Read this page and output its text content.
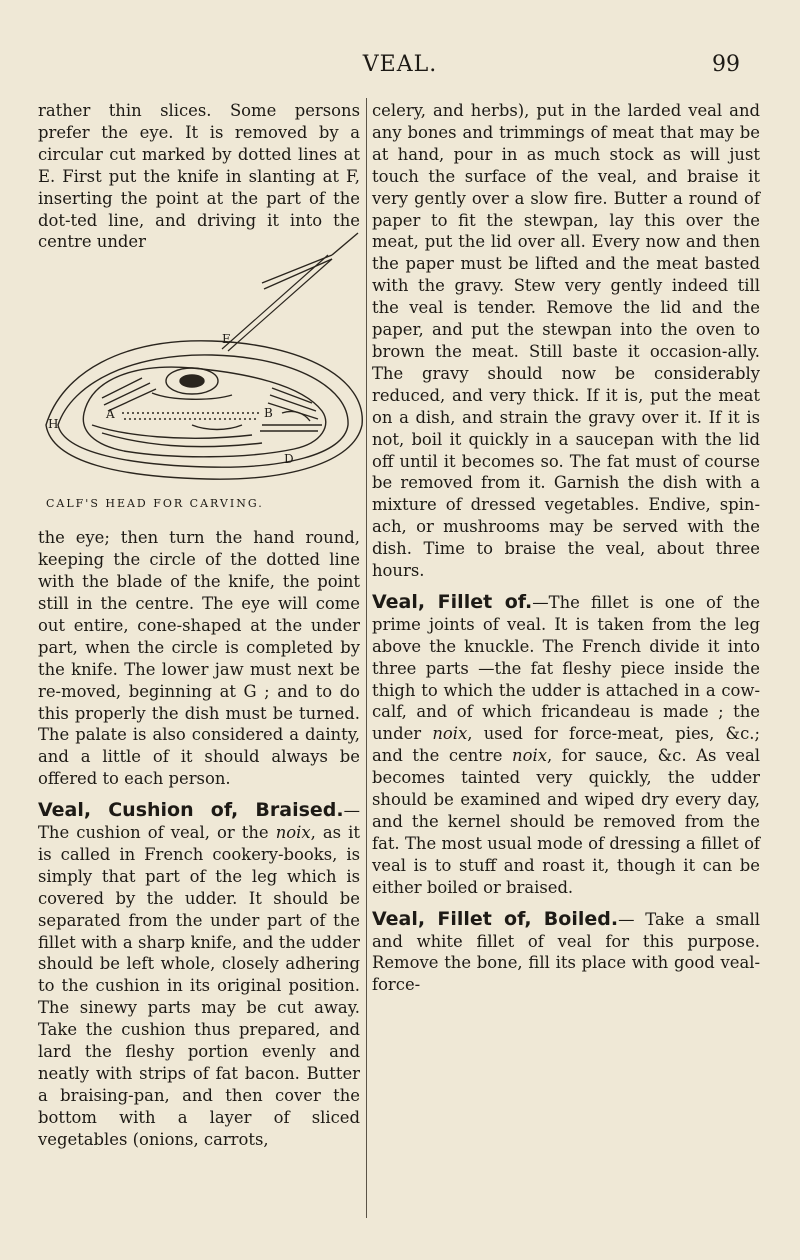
VEAL.	99

rather thin slices. Some persons prefer the eye. It is removed by a circular cut marked by dotted lines at E. First put the knife in slanting at F, inserting the point at the part of the dot-ted line, and driving it into the centre under

E
A	B
H
D
CALF'S HEAD FOR CARVING.

the eye; then turn the hand round, keeping the circle of the dotted line with the blade of the knife, the point still in the centre. The eye will come out entire, cone-shaped at the under part, when the circle is completed by the knife. The lower jaw must next be re-moved, beginning at G ; and to do this properly the dish must be turned. The palate is also considered a dainty, and a little of it should always be offered to each person.

Veal, Cushion of, Braised.— The cushion of veal, or the noix, as it is called in French cookery-books, is simply that part of the leg which is covered by the udder. It should be separated from the under part of the fillet with a sharp knife, and the udder should be left whole, closely adhering to the cushion in its original position. The sinewy parts may be cut away. Take the cushion thus prepared, and lard the fleshy portion evenly and neatly with strips of fat bacon. Butter a braising-pan, and then cover the bottom with a layer of sliced vegetables (onions, carrots,

celery, and herbs), put in the larded veal and any bones and trimmings of meat that may be at hand, pour in as much stock as will just touch the surface of the veal, and braise it very gently over a slow fire. Butter a round of paper to fit the stewpan, lay this over the meat, put the lid over all. Every now and then the paper must be lifted and the meat basted with the gravy. Stew very gently indeed till the veal is tender. Remove the lid and the paper, and put the stewpan into the oven to brown the meat. Still baste it occasion-ally. The gravy should now be considerably reduced, and very thick. If it is, put the meat on a dish, and strain the gravy over it. If it is not, boil it quickly in a saucepan with the lid off until it becomes so. The fat must of course be removed from it. Garnish the dish with a mixture of dressed vegetables. Endive, spin-ach, or mushrooms may be served with the dish. Time to braise the veal, about three hours.

Veal, Fillet of.—The fillet is one of the prime joints of veal. It is taken from the leg above the knuckle. The French divide it into three parts —the fat fleshy piece inside the thigh to which the udder is attached in a cow-calf, and of which fricandeau is made ; the under noix, used for force-meat, pies, &c.; and the centre noix, for sauce, &c. As veal becomes tainted very quickly, the udder should be examined and wiped dry every day, and the kernel should be removed from the fat. The most usual mode of dressing a fillet of veal is to stuff and roast it, though it can be either boiled or braised.

Veal, Fillet of, Boiled.— Take a small and white fillet of veal for this purpose. Remove the bone, fill its place with good veal-force-
